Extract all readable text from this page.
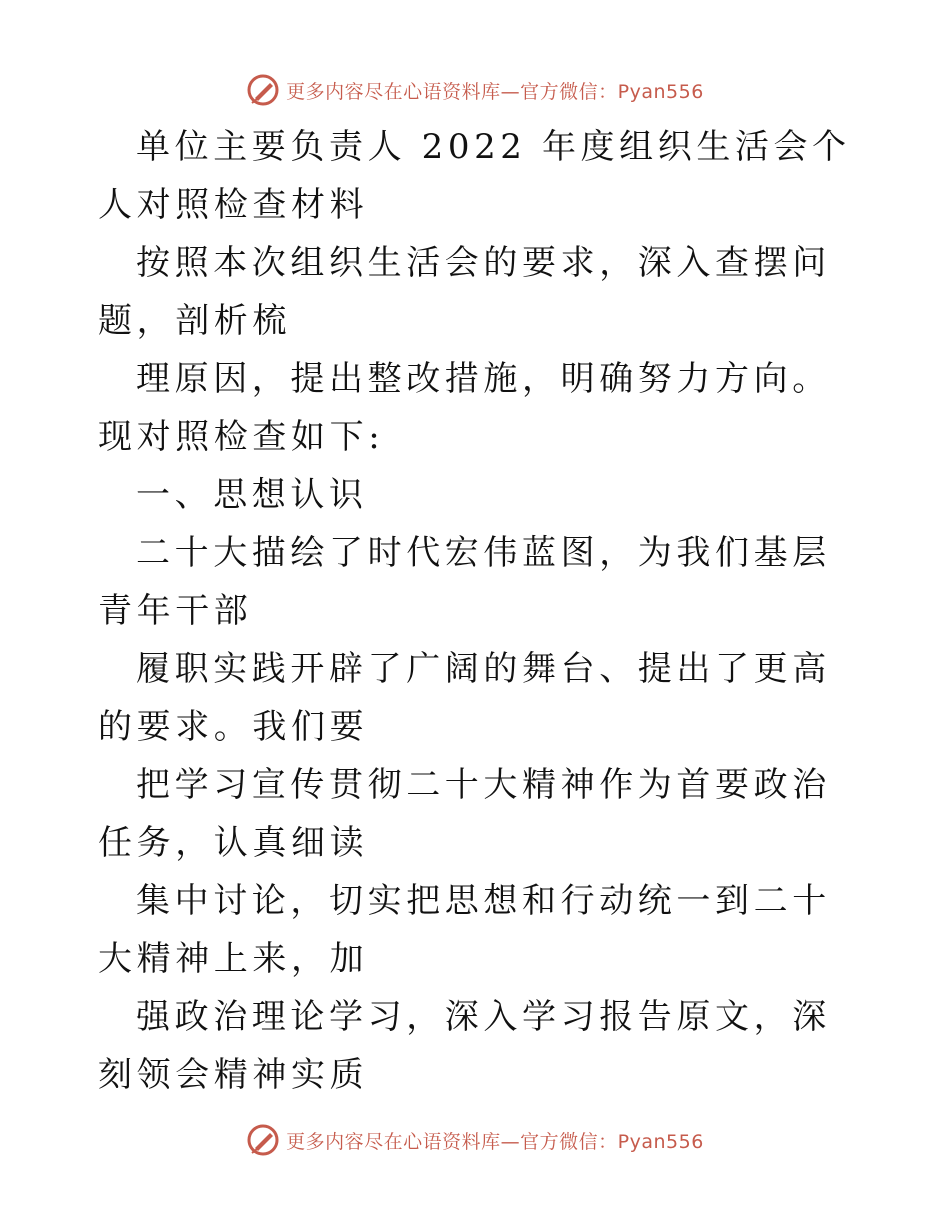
更多内容尽在心语资料库—官方微信：Pyan556

单位主要负责人 2022 年度组织生活会个人对照检查材料

按照本次组织生活会的要求，深入查摆问题，剖析梳

理原因，提出整改措施，明确努力方向。现对照检查如下:

一、思想认识

二十大描绘了时代宏伟蓝图，为我们基层青年干部

履职实践开辟了广阔的舞台、提出了更高的要求。我们要

把学习宣传贯彻二十大精神作为首要政治任务，认真细读

集中讨论，切实把思想和行动统一到二十大精神上来，加

强政治理论学习，深入学习报告原文，深刻领会精神实质

更多内容尽在心语资料库—官方微信：Pyan556
